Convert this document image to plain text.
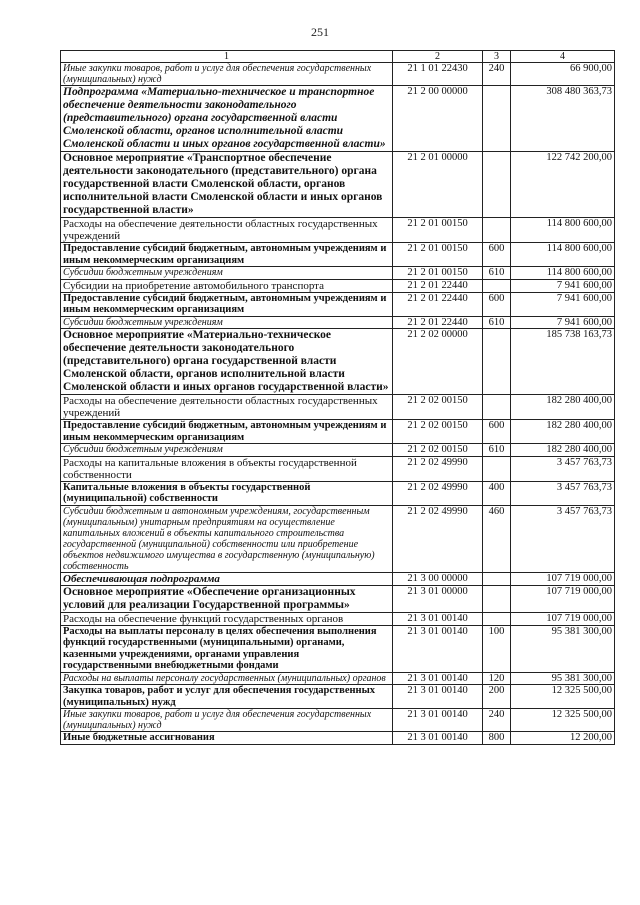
251
1	2	3	4
Иные закупки товаров, работ и услуг для обеспечения государственных (муниципальных) нужд	21 1 01 22430	240	66 900,00
Подпрограмма «Материально-техническое и транспортное обеспечение деятельности законодательного (представительного) органа государственной власти Смоленской области, органов исполнительной власти Смоленской области и иных органов государственной власти»	21 2 00 00000		308 480 363,73
Основное мероприятие «Транспортное обеспечение деятельности законодательного (представительного) органа государственной власти Смоленской области, органов исполнительной власти Смоленской области и иных органов государственной власти»	21 2 01 00000		122 742 200,00
Расходы на обеспечение деятельности областных государственных учреждений	21 2 01 00150		114 800 600,00
Предоставление субсидий бюджетным, автономным учреждениям и иным некоммерческим организациям	21 2 01 00150	600	114 800 600,00
Субсидии бюджетным учреждениям	21 2 01 00150	610	114 800 600,00
Субсидии на приобретение автомобильного транспорта	21 2 01 22440		7 941 600,00
Предоставление субсидий бюджетным, автономным учреждениям и иным некоммерческим организациям	21 2 01 22440	600	7 941 600,00
Субсидии бюджетным учреждениям	21 2 01 22440	610	7 941 600,00
Основное мероприятие «Материально-техническое обеспечение деятельности законодательного (представительного) органа государственной власти Смоленской области, органов исполнительной власти Смоленской области и иных органов государственной власти»	21 2 02 00000		185 738 163,73
Расходы на обеспечение деятельности областных государственных учреждений	21 2 02 00150		182 280 400,00
Предоставление субсидий бюджетным, автономным учреждениям и иным некоммерческим организациям	21 2 02 00150	600	182 280 400,00
Субсидии бюджетным учреждениям	21 2 02 00150	610	182 280 400,00
Расходы на капитальные вложения в объекты государственной собственности	21 2 02 49990		3 457 763,73
Капитальные вложения в объекты государственной (муниципальной) собственности	21 2 02 49990	400	3 457 763,73
Субсидии бюджетным и автономным учреждениям, государственным (муниципальным) унитарным предприятиям на осуществление капитальных вложений в объекты капитального строительства государственной (муниципальной) собственности или приобретение объектов недвижимого имущества в государственную (муниципальную) собственность	21 2 02 49990	460	3 457 763,73
Обеспечивающая подпрограмма	21 3 00 00000		107 719 000,00
Основное мероприятие «Обеспечение организационных условий для реализации Государственной программы»	21 3 01 00000		107 719 000,00
Расходы на обеспечение функций государственных органов	21 3 01 00140		107 719 000,00
Расходы на выплаты персоналу в целях обеспечения выполнения функций государственными (муниципальными) органами, казенными учреждениями, органами управления государственными внебюджетными фондами	21 3 01 00140	100	95 381 300,00
Расходы на выплаты персоналу государственных (муниципальных) органов	21 3 01 00140	120	95 381 300,00
Закупка товаров, работ и услуг для обеспечения государственных (муниципальных) нужд	21 3 01 00140	200	12 325 500,00
Иные закупки товаров, работ и услуг для обеспечения государственных (муниципальных) нужд	21 3 01 00140	240	12 325 500,00
Иные бюджетные ассигнования	21 3 01 00140	800	12 200,00
